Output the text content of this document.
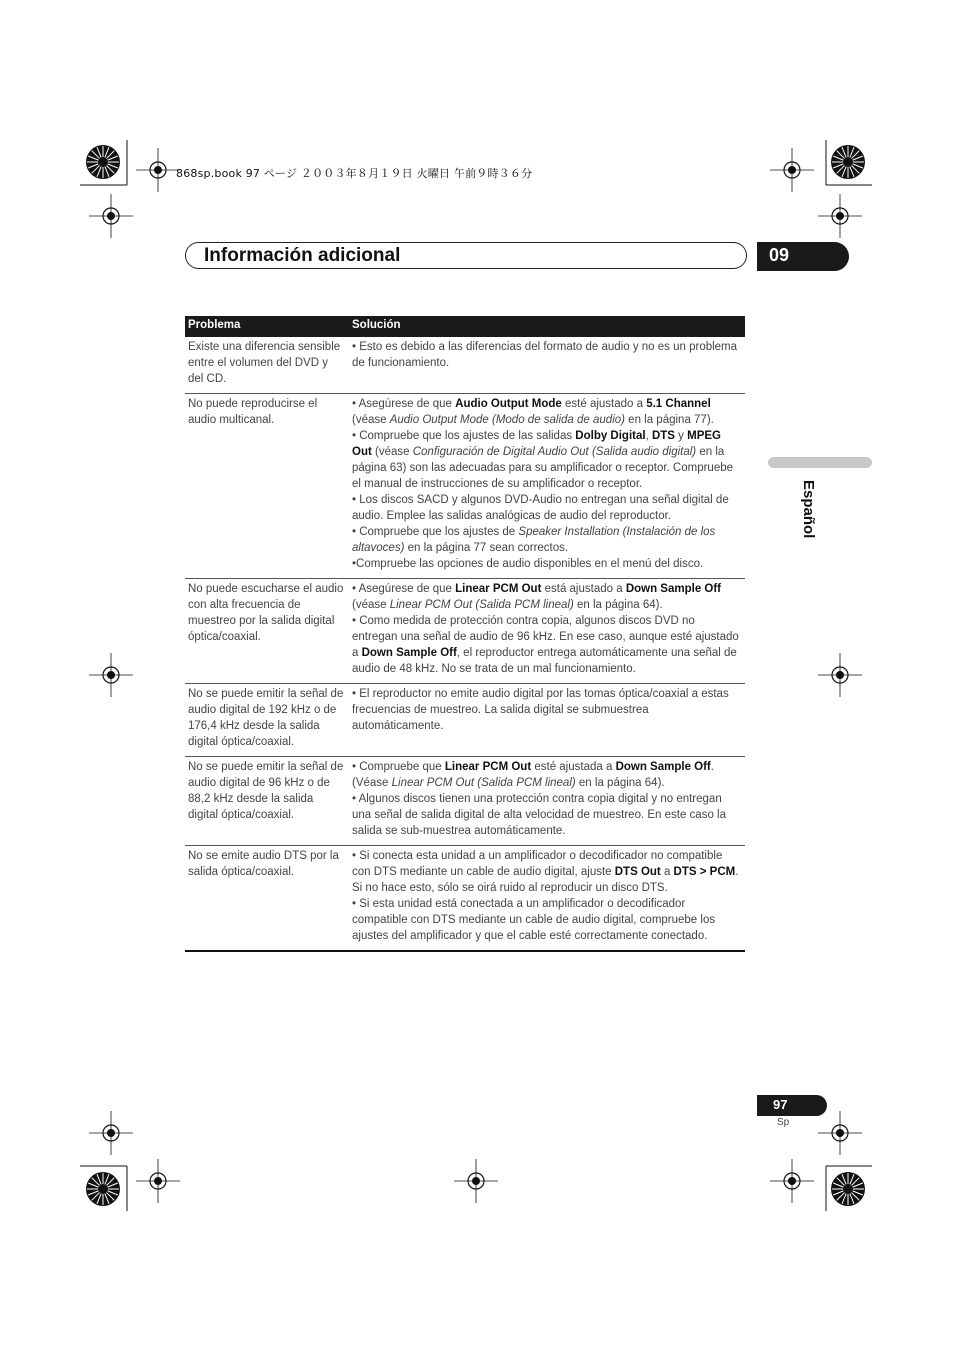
868sp.book 97 ページ ２００３年８月１９日 火曜日 午前９時３６分
Información adicional	09
Español
Problema	Solución
Existe una diferencia sensible entre el volumen del DVD y del CD.

• Esto es debido a las diferencias del formato de audio y no es un problema de funcionamiento.

No puede reproducirse el audio multicanal.

• Asegúrese de que Audio Output Mode esté ajustado a 5.1 Channel (véase Audio Output Mode (Modo de salida de audio) en la página 77).

• Compruebe que los ajustes de las salidas Dolby Digital, DTS y MPEG Out (véase Configuración de Digital Audio Out (Salida audio digital) en la página 63) son las adecuadas para su amplificador o receptor. Compruebe el manual de instrucciones de su amplificador o receptor.

• Los discos SACD y algunos DVD-Audio no entregan una señal digital de audio. Emplee las salidas analógicas de audio del reproductor.

• Compruebe que los ajustes de Speaker Installation (Instalación de los altavoces) en la página 77 sean correctos.

•Compruebe las opciones de audio disponibles en el menú del disco.

No puede escucharse el audio con alta frecuencia de muestreo por la salida digital óptica/coaxial.

• Asegúrese de que Linear PCM Out está ajustado a Down Sample Off (véase Linear PCM Out (Salida PCM lineal) en la página 64).

• Como medida de protección contra copia, algunos discos DVD no entregan una señal de audio de 96 kHz. En ese caso, aunque esté ajustado a Down Sample Off, el reproductor entrega automáticamente una señal de audio de 48 kHz. No se trata de un mal funcionamiento.

No se puede emitir la señal de audio digital de 192 kHz o de 176,4 kHz desde la salida digital óptica/coaxial.

• El reproductor no emite audio digital por las tomas óptica/coaxial a estas frecuencias de muestreo. La salida digital se submuestrea automáticamente.

No se puede emitir la señal de audio digital de 96 kHz o de 88,2 kHz desde la salida digital óptica/coaxial.

• Compruebe que Linear PCM Out esté ajustada a Down Sample Off. (Véase Linear PCM Out (Salida PCM lineal) en la página 64).

• Algunos discos tienen una protección contra copia digital y no entregan una señal de salida digital de alta velocidad de muestreo. En este caso la salida se sub-muestrea automáticamente.

No se emite audio DTS por la salida óptica/coaxial.

• Si conecta esta unidad a un amplificador o decodificador no compatible con DTS mediante un cable de audio digital, ajuste DTS Out a DTS > PCM. Si no hace esto, sólo se oirá ruido al reproducir un disco DTS.

• Si esta unidad está conectada a un amplificador o decodificador compatible con DTS mediante un cable de audio digital, compruebe los ajustes del amplificador y que el cable esté correctamente conectado.

97
Sp
